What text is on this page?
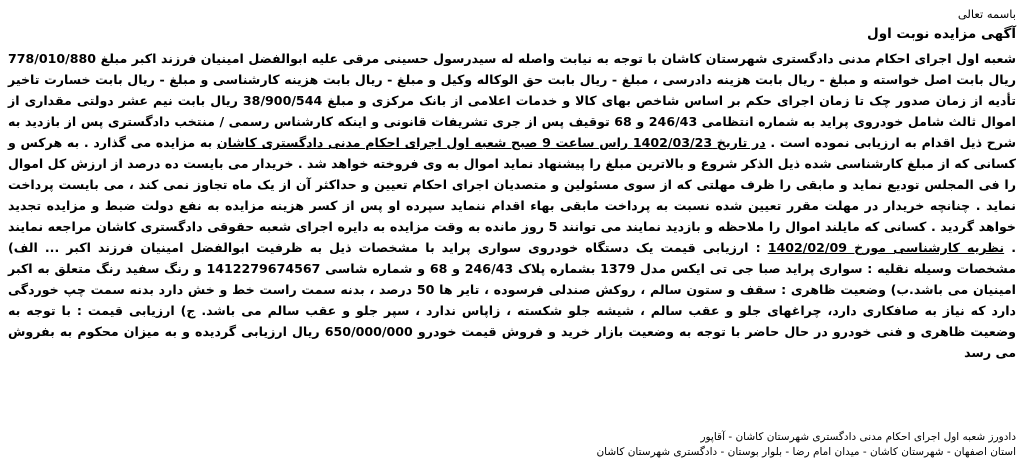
باسمه تعالی

آگهی مزایده نوبت اول

شعبه اول اجرای احکام مدنی دادگستری شهرستان کاشان با توجه به نیابت واصله له سیدرسول حسینی مرقی علیه ابوالفضل امینیان فرزند اکبر مبلغ 778/010/880 ریال بابت اصل خواسته و مبلغ - ریال بابت هزینه دادرسی ، مبلغ - ریال بابت حق الوکاله وکیل و مبلغ - ریال بابت هزینه کارشناسی و مبلغ - ریال بابت خسارت تاخیر تأدیه از زمان صدور چک تا زمان اجرای حکم بر اساس شاخص بهای کالا و خدمات اعلامی از بانک مرکزی و مبلغ 38/900/544 ریال بابت نیم عشر دولتی مقداری از اموال ثالث شامل خودروی پراید به شماره انتظامی 246/43 و 68 توقیف پس از جری تشریفات قانونی و اینکه کارشناس رسمی / منتخب دادگستری پس از بازدید به شرح ذیل اقدام به ارزیابی نموده است . در تاریخ 1402/03/23 راس ساعت 9 صبح شعبه اول اجرای احکام مدنی دادگستری کاشان به مزایده می گذارد . به هرکس و کسانی که از مبلغ کارشناسی شده ذیل الذکر شروع و بالاترین مبلغ را پیشنهاد نماید اموال به وی فروخته خواهد شد . خریدار می بایست ده درصد از ارزش کل اموال را فی المجلس تودیع نماید و مابقی را ظرف مهلتی که از سوی مسئولین و متصدیان اجرای احکام تعیین و حداکثر آن از یک ماه تجاوز نمی کند ، می بایست پرداخت نماید . چنانچه خریدار در مهلت مقرر تعیین شده نسبت به پرداخت مابقی بهاء اقدام ننماید سپرده او پس از کسر هزینه مزایده به نفع دولت ضبط و مزایده تجدید خواهد گردید . کسانی که مایلند اموال را ملاحظه و بازدید نمایند می توانند 5 روز مانده به وقت مزایده به دایره اجرای شعبه حقوقی دادگستری کاشان مراجعه نمایند . نظریه کارشناسی مورخ 1402/02/09 : ارزیابی قیمت یک دستگاه خودروی سواری پراید با مشخصات ذیل به ظرفیت ابوالفضل امینیان فرزند اکبر ... الف) مشخصات وسیله نقلیه : سواری پراید صبا جی تی ایکس مدل 1379 بشماره پلاک 246/43 و 68 و شماره شاسی 1412279674567 و رنگ سفید رنگ متعلق به اکبر امینیان می باشد.ب) وضعیت ظاهری : سقف و ستون سالم ، روکش صندلی فرسوده ، تایر ها 50 درصد ، بدنه سمت راست خط و خش دارد بدنه سمت چپ خوردگی دارد که نیاز به صافکاری دارد، چراغهای جلو و عقب سالم ، شیشه جلو شکسته ، زاپاس ندارد ، سپر جلو و عقب سالم می باشد. ج) ارزیابی قیمت : با توجه به وضعیت ظاهری و فنی خودرو در حال حاضر با توجه به وضعیت بازار خرید و فروش قیمت خودرو 650/000/000 ریال ارزیابی گردیده و به میزان محکوم به بفروش می رسد

دادورز شعبه اول اجرای احکام مدنی دادگستری شهرستان کاشان - آقاپور

استان اصفهان - شهرستان کاشان - میدان امام رضا - بلوار بوستان - دادگستری شهرستان کاشان
